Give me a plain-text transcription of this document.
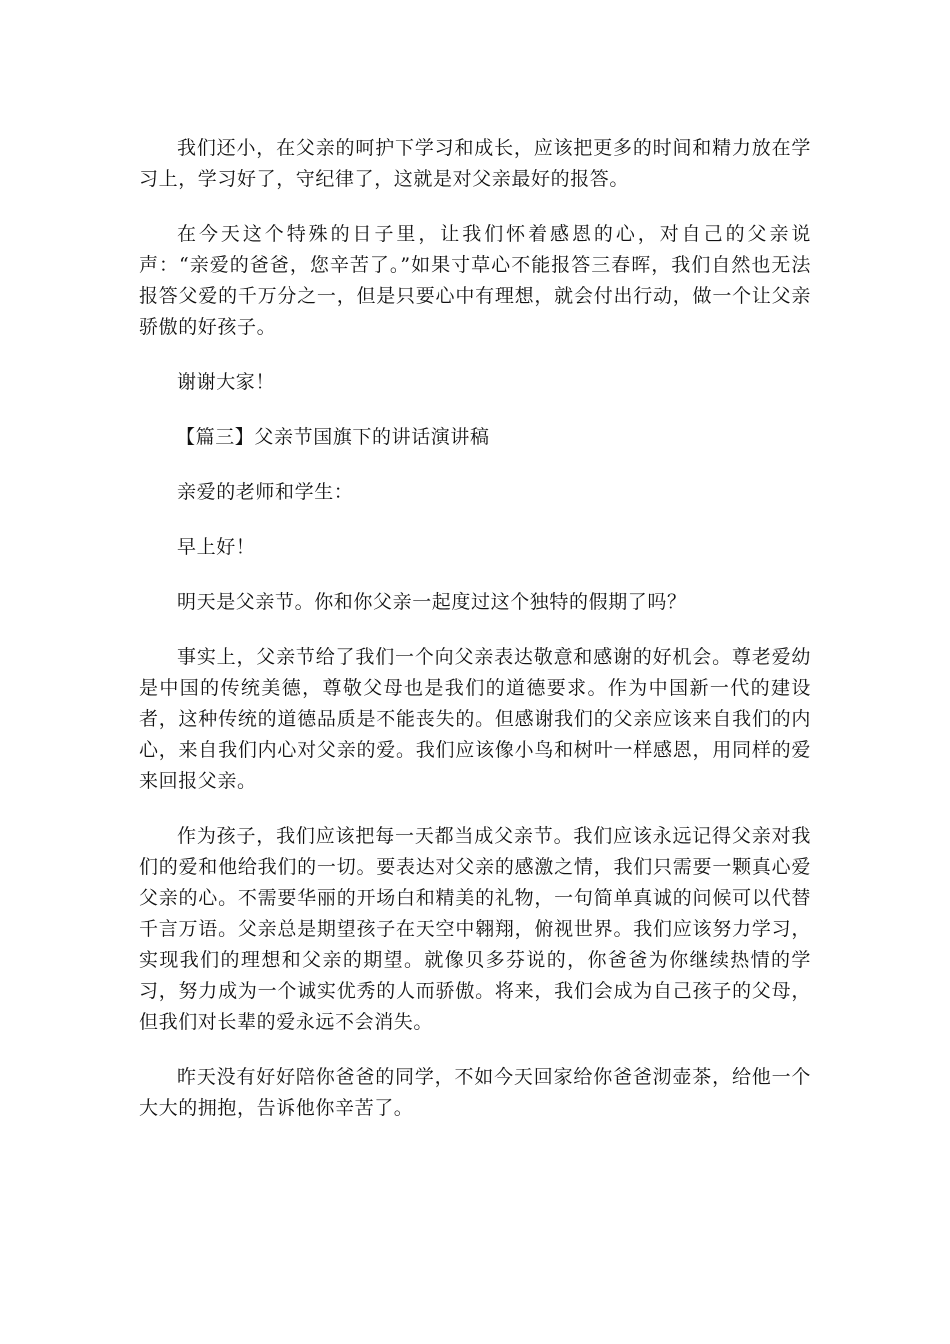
我们还小，在父亲的呵护下学习和成长，应该把更多的时间和精力放在学习上，学习好了，守纪律了，这就是对父亲最好的报答。

在今天这个特殊的日子里，让我们怀着感恩的心，对自己的父亲说声：“亲爱的爸爸，您辛苦了。”如果寸草心不能报答三春晖，我们自然也无法报答父爱的千万分之一，但是只要心中有理想，就会付出行动，做一个让父亲骄傲的好孩子。

谢谢大家！

【篇三】父亲节国旗下的讲话演讲稿

亲爱的老师和学生：

早上好！

明天是父亲节。你和你父亲一起度过这个独特的假期了吗？

事实上，父亲节给了我们一个向父亲表达敬意和感谢的好机会。尊老爱幼是中国的传统美德，尊敬父母也是我们的道德要求。作为中国新一代的建设者，这种传统的道德品质是不能丧失的。但感谢我们的父亲应该来自我们的内心，来自我们内心对父亲的爱。我们应该像小鸟和树叶一样感恩，用同样的爱来回报父亲。

作为孩子，我们应该把每一天都当成父亲节。我们应该永远记得父亲对我们的爱和他给我们的一切。要表达对父亲的感激之情，我们只需要一颗真心爱父亲的心。不需要华丽的开场白和精美的礼物，一句简单真诚的问候可以代替千言万语。父亲总是期望孩子在天空中翱翔，俯视世界。我们应该努力学习，实现我们的理想和父亲的期望。就像贝多芬说的，你爸爸为你继续热情的学习，努力成为一个诚实优秀的人而骄傲。将来，我们会成为自己孩子的父母，但我们对长辈的爱永远不会消失。

昨天没有好好陪你爸爸的同学，不如今天回家给你爸爸沏壶茶，给他一个大大的拥抱，告诉他你辛苦了。
